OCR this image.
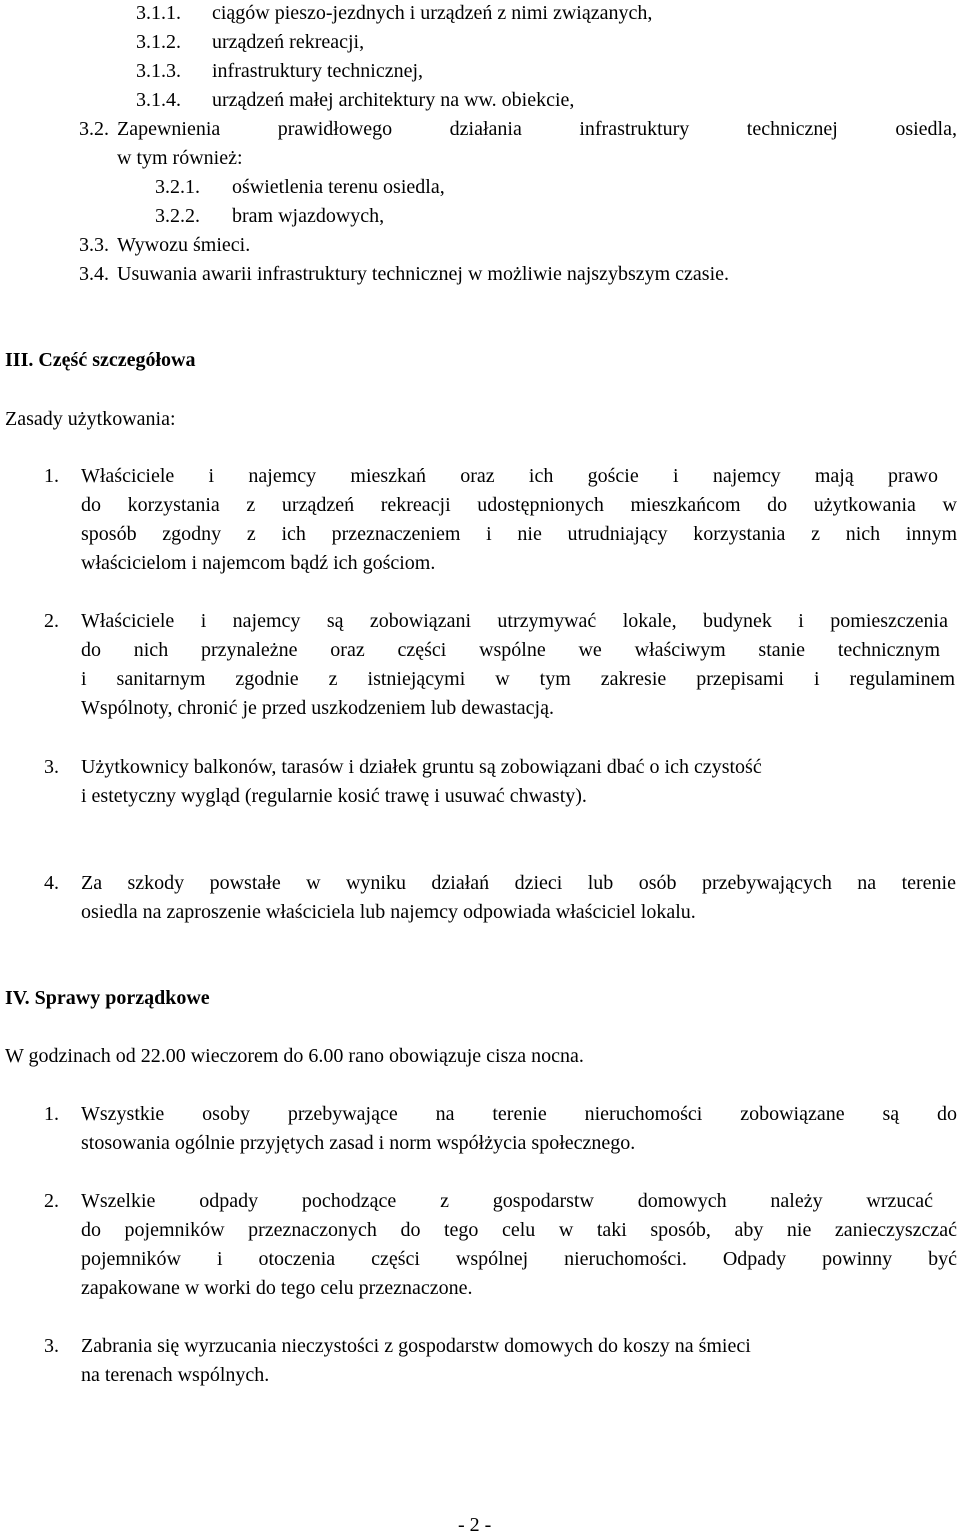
3.1.1. ciągów pieszo-jezdnych i urządzeń z nimi związanych,
3.1.2. urządzeń rekreacji,
3.1.3. infrastruktury technicznej,
3.1.4. urządzeń małej architektury na ww. obiekcie,
3.2. Zapewnienia prawidłowego działania infrastruktury technicznej osiedla,
w tym również:
3.2.1. oświetlenia terenu osiedla,
3.2.2. bram wjazdowych,
3.3. Wywozu śmieci.
3.4. Usuwania awarii infrastruktury technicznej w możliwie najszybszym czasie.
III. Część szczegółowa
Zasady użytkowania:
1. Właściciele i najemcy mieszkań oraz ich goście i najemcy mają prawo
do korzystania z urządzeń rekreacji udostępnionych mieszkańcom do użytkowania w
sposób zgodny z ich przeznaczeniem i nie utrudniający korzystania z nich innym
właścicielom i najemcom bądź ich gościom.
2. Właściciele i najemcy są zobowiązani utrzymywać lokale, budynek i pomieszczenia
do nich przynależne oraz części wspólne we właściwym stanie technicznym
i sanitarnym zgodnie z istniejącymi w tym zakresie przepisami i regulaminem
Wspólnoty, chronić je przed uszkodzeniem lub dewastacją.
3. Użytkownicy balkonów, tarasów i działek gruntu są zobowiązani dbać o ich czystość
i estetyczny wygląd (regularnie kosić trawę i usuwać chwasty).
4. Za szkody powstałe w wyniku działań dzieci lub osób przebywających na terenie
osiedla na zaproszenie właściciela lub najemcy odpowiada właściciel lokalu.
IV. Sprawy porządkowe
W godzinach od 22.00 wieczorem do 6.00 rano obowiązuje cisza nocna.
1. Wszystkie osoby przebywające na terenie nieruchomości zobowiązane są do
stosowania ogólnie przyjętych zasad i norm współżycia społecznego.
2. Wszelkie odpady pochodzące z gospodarstw domowych należy wrzucać
do pojemników przeznaczonych do tego celu w taki sposób, aby nie zanieczyszczać
pojemników i otoczenia części wspólnej nieruchomości. Odpady powinny być
zapakowane w worki do tego celu przeznaczone.
3. Zabrania się wyrzucania nieczystości z gospodarstw domowych do koszy na śmieci
na terenach wspólnych.
- 2 -
